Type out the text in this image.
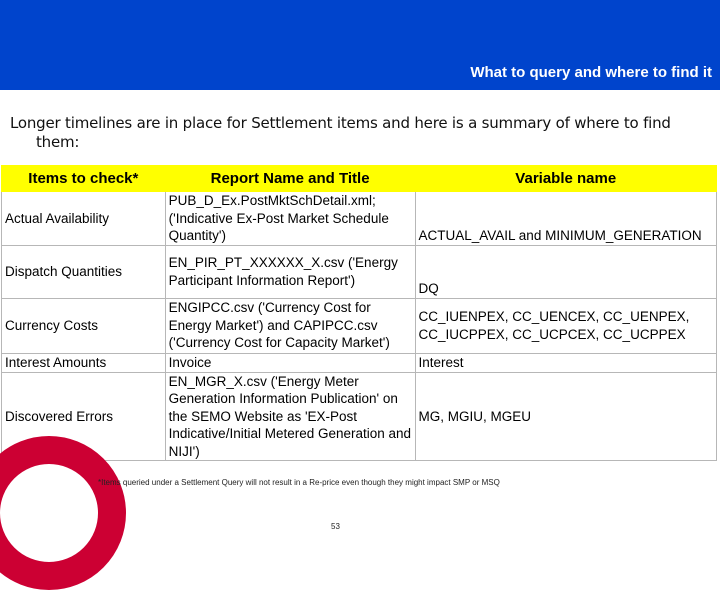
What to query and where to find it
Longer timelines are in place for Settlement items and here is a summary of where to find
them:
Items to check*	Report Name and Title	Variable name
Actual Availability	PUB_D_Ex.PostMktSchDetail.xml; ('Indicative Ex-Post Market Schedule Quantity')	ACTUAL_AVAIL and MINIMUM_GENERATION
Dispatch Quantities	EN_PIR_PT_XXXXXX_X.csv ('Energy Participant Information Report')	DQ
Currency Costs	ENGIPCC.csv ('Currency Cost for Energy Market') and CAPIPCC.csv ('Currency Cost for Capacity Market')	CC_IUENPEX, CC_UENCEX, CC_UENPEX, CC_IUCPPEX, CC_UCPCEX, CC_UCPPEX
Interest Amounts	Invoice	Interest
Discovered Errors	EN_MGR_X.csv ('Energy Meter Generation Information Publication' on the SEMO Website as 'EX-Post Indicative/Initial Metered Generation and NIJI')	MG, MGIU, MGEU
*Items queried under a Settlement Query will not result in a Re-price even though they might impact SMP or MSQ
53
